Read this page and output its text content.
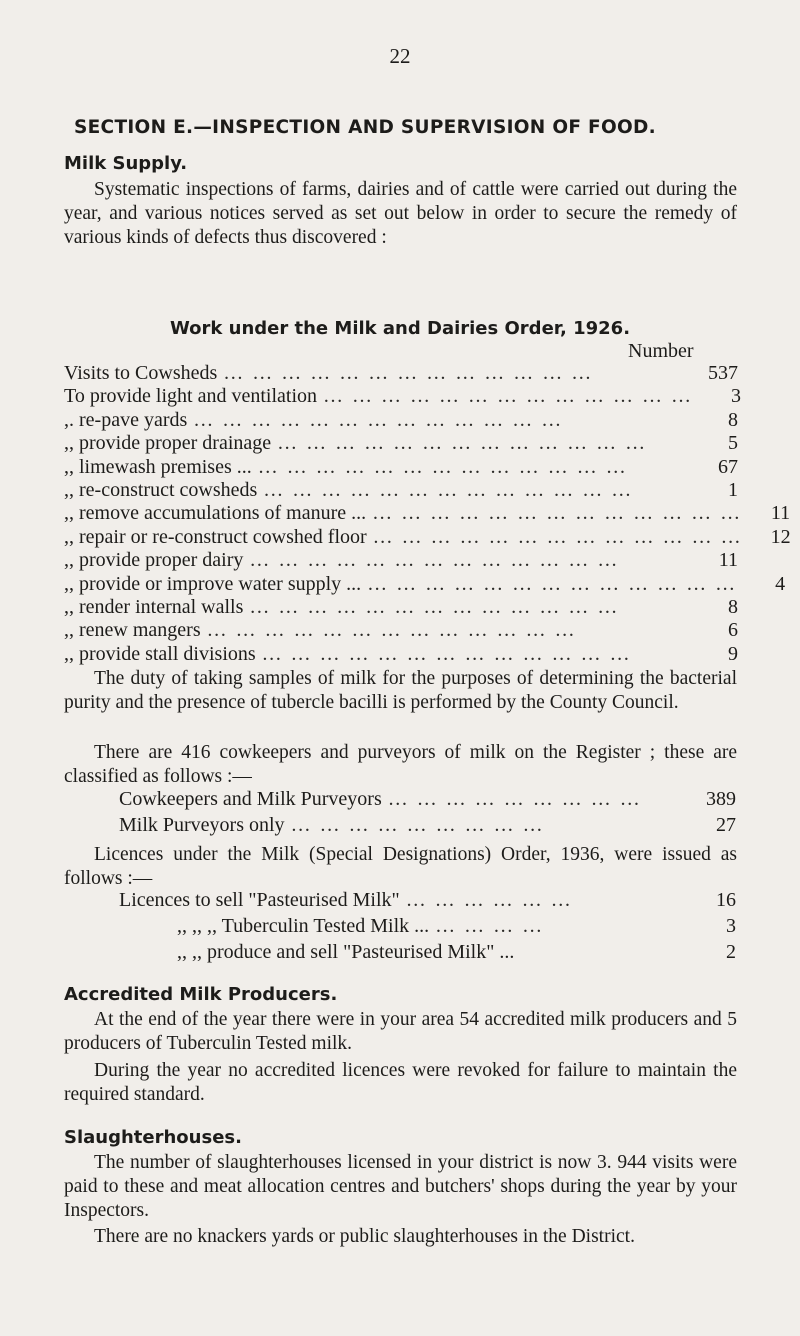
22
SECTION E.—INSPECTION AND SUPERVISION OF FOOD.
Milk Supply.
Systematic inspections of farms, dairies and of cattle were carried out during the year, and various notices served as set out below in order to secure the remedy of various kinds of defects thus discovered :
Work under the Milk and Dairies Order, 1926.
Number
Visits to Cowsheds … … … … … … … … … … … … …	537
To provide light and ventilation … … … … … … … … … … … … …	3
,. re-pave yards … … … … … … … … … … … … …	8
,, provide proper drainage … … … … … … … … … … … … …	5
,, limewash premises ... … … … … … … … … … … … … …	67
,, re-construct cowsheds … … … … … … … … … … … … …	1
,, remove accumulations of manure ... … … … … … … … … … … … … …	11
,, repair or re-construct cowshed floor … … … … … … … … … … … … …	12
,, provide proper dairy … … … … … … … … … … … … …	11
,, provide or improve water supply ... … … … … … … … … … … … … …	4
,, render internal walls … … … … … … … … … … … … …	8
,, renew mangers … … … … … … … … … … … … …	6
,, provide stall divisions … … … … … … … … … … … … …	9
The duty of taking samples of milk for the purposes of determining the bacterial purity and the presence of tubercle bacilli is performed by the County Council.
There are 416 cowkeepers and purveyors of milk on the Register ; these are classified as follows :—
Cowkeepers and Milk Purveyors … … … … … … … … …	389
Milk Purveyors only … … … … … … … … …	27
Licences under the Milk (Special Designations) Order, 1936, were issued as follows :—
Licences to sell "Pasteurised Milk" … … … … … …	16
,, ,, ,, Tuberculin Tested Milk ... … … … …	3
,, ,, produce and sell "Pasteurised Milk" ...	2
Accredited Milk Producers.
At the end of the year there were in your area 54 accredited milk producers and 5 producers of Tuberculin Tested milk.
During the year no accredited licences were revoked for failure to maintain the required standard.
Slaughterhouses.
The number of slaughterhouses licensed in your district is now 3. 944 visits were paid to these and meat allocation centres and butchers' shops during the year by your Inspectors.
There are no knackers yards or public slaughterhouses in the District.
